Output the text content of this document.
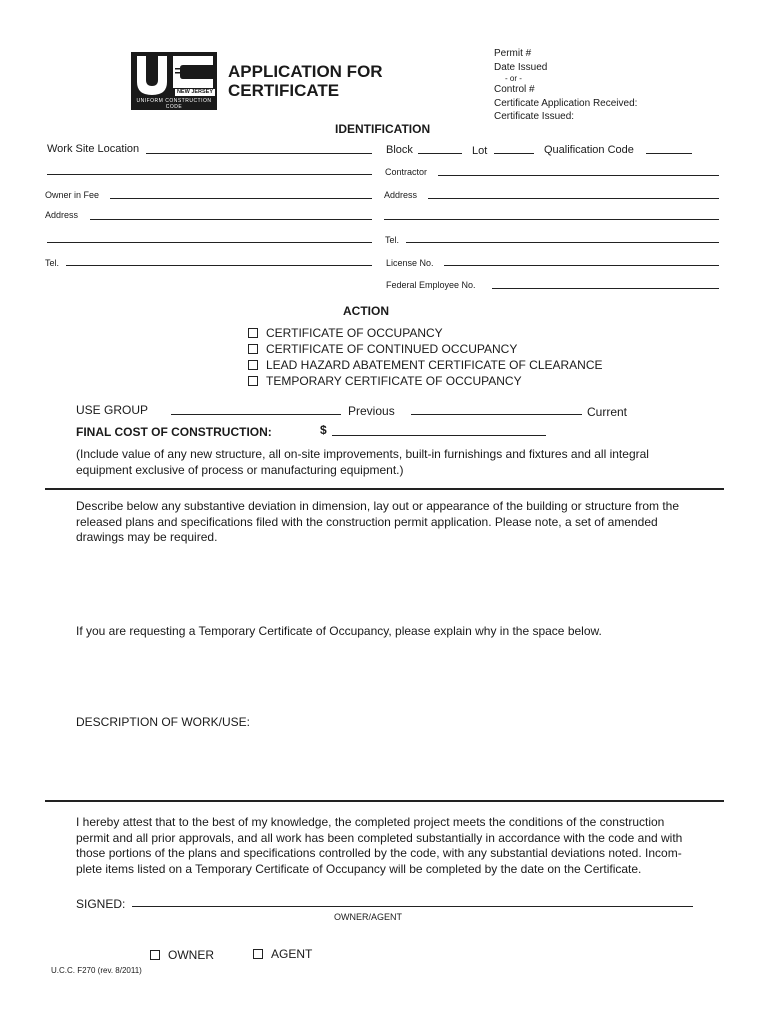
NEW JERSEY
UNIFORM CONSTRUCTION CODE
APPLICATION FOR
CERTIFICATE
Permit #
Date Issued
- or -
Control #
Certificate Application Received:
Certificate Issued:
IDENTIFICATION
Work Site Location	Block	Lot	Qualification Code
Contractor
Owner in Fee	Address
Address
Tel.
Tel.	License No.
Federal Employee No.
ACTION
CERTIFICATE OF OCCUPANCY
CERTIFICATE OF CONTINUED OCCUPANCY
LEAD HAZARD ABATEMENT CERTIFICATE OF CLEARANCE
TEMPORARY CERTIFICATE OF OCCUPANCY
USE GROUP	Previous	Current
FINAL COST OF CONSTRUCTION:	$
(Include value of any new structure, all on-site improvements, built-in furnishings and fixtures and all integral
equipment exclusive of process or manufacturing equipment.)
Describe below any substantive deviation in dimension, lay out or appearance of the building or structure from the
released plans and specifications filed with the construction permit application. Please note, a set of amended
drawings may be required.
If you are requesting a Temporary Certificate of Occupancy, please explain why in the space below.
DESCRIPTION OF WORK/USE:
I hereby attest that to the best of my knowledge, the completed project meets the conditions of the construction
permit and all prior approvals, and all work has been completed substantially in accordance with the code and with
those portions of the plans and specifications controlled by the code, with any substantial deviations noted. Incom-
plete items listed on a Temporary Certificate of Occupancy will be completed by the date on the Certificate.
SIGNED:
OWNER/AGENT
OWNER	AGENT
U.C.C. F270 (rev. 8/2011)
